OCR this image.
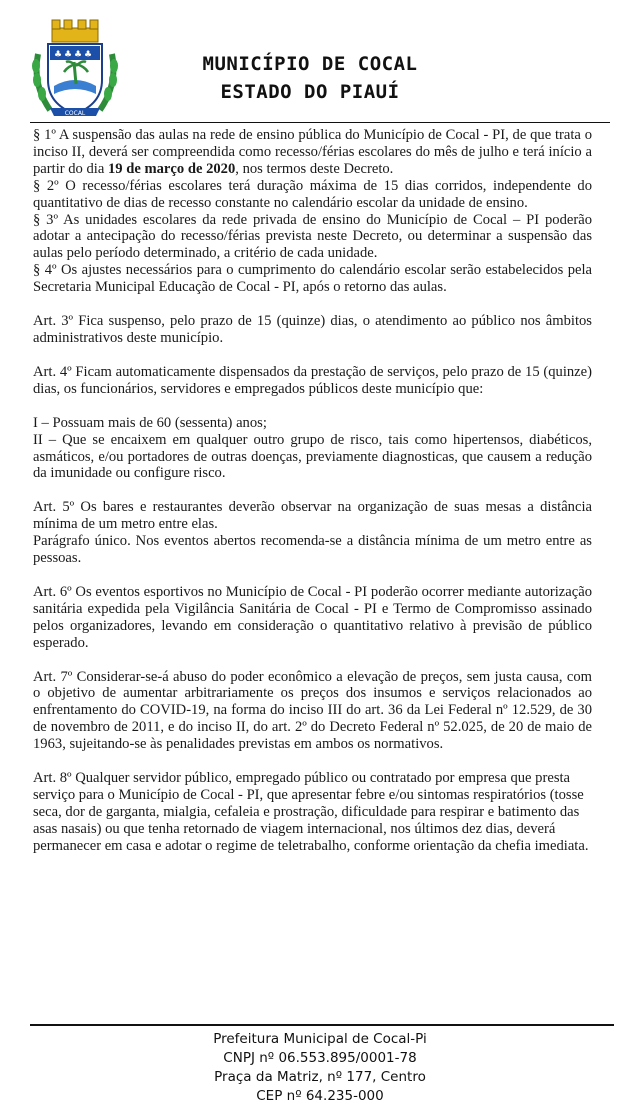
♣ ♣ ♣ ♣
COCAL
MUNICÍPIO DE COCAL
ESTADO DO PIAUÍ

§ 1º A suspensão das aulas na rede de ensino pública do Município de Cocal - PI, de que trata o inciso II, deverá ser compreendida como recesso/férias escolares do mês de julho e terá início a partir do dia 19 de março de 2020, nos termos deste Decreto.

§ 2º O recesso/férias escolares terá duração máxima de 15 dias corridos, independente do quantitativo de dias de recesso constante no calendário escolar da unidade de ensino.

§ 3º As unidades escolares da rede privada de ensino do Município de Cocal – PI poderão adotar a antecipação do recesso/férias prevista neste Decreto, ou determinar a suspensão das aulas pelo período determinado, a critério de cada unidade.

§ 4º Os ajustes necessários para o cumprimento do calendário escolar serão estabelecidos pela Secretaria Municipal Educação de Cocal - PI, após o retorno das aulas.

Art. 3º Fica suspenso, pelo prazo de 15 (quinze) dias, o atendimento ao público nos âmbitos administrativos deste município.

Art. 4º Ficam automaticamente dispensados da prestação de serviços, pelo prazo de 15 (quinze) dias, os funcionários, servidores e empregados públicos deste município que:

I – Possuam mais de 60 (sessenta) anos;

II – Que se encaixem em qualquer outro grupo de risco, tais como hipertensos, diabéticos, asmáticos, e/ou portadores de outras doenças, previamente diagnosticas, que causem a redução da imunidade ou configure risco.

Art. 5º Os bares e restaurantes deverão observar na organização de suas mesas a distância mínima de um metro entre elas.

Parágrafo único. Nos eventos abertos recomenda-se a distância mínima de um metro entre as pessoas.

Art. 6º Os eventos esportivos no Município de Cocal - PI poderão ocorrer mediante autorização sanitária expedida pela Vigilância Sanitária de Cocal - PI e Termo de Compromisso assinado pelos organizadores, levando em consideração o quantitativo relativo à previsão de público esperado.

Art. 7º Considerar-se-á abuso do poder econômico a elevação de preços, sem justa causa, com o objetivo de aumentar arbitrariamente os preços dos insumos e serviços relacionados ao enfrentamento do COVID-19, na forma do inciso III do art. 36 da Lei Federal nº 12.529, de 30 de novembro de 2011, e do inciso II, do art. 2º do Decreto Federal nº 52.025, de 20 de maio de 1963, sujeitando-se às penalidades previstas em ambos os normativos.

Art. 8º Qualquer servidor público, empregado público ou contratado por empresa que presta serviço para o Município de Cocal - PI, que apresentar febre e/ou sintomas respiratórios (tosse seca, dor de garganta, mialgia, cefaleia e prostração, dificuldade para respirar e batimento das asas nasais) ou que tenha retornado de viagem internacional, nos últimos dez dias, deverá permanecer em casa e adotar o regime de teletrabalho, conforme orientação da chefia imediata.

Prefeitura Municipal de Cocal-Pi
CNPJ nº 06.553.895/0001-78
Praça da Matriz, nº 177, Centro
CEP nº 64.235-000
